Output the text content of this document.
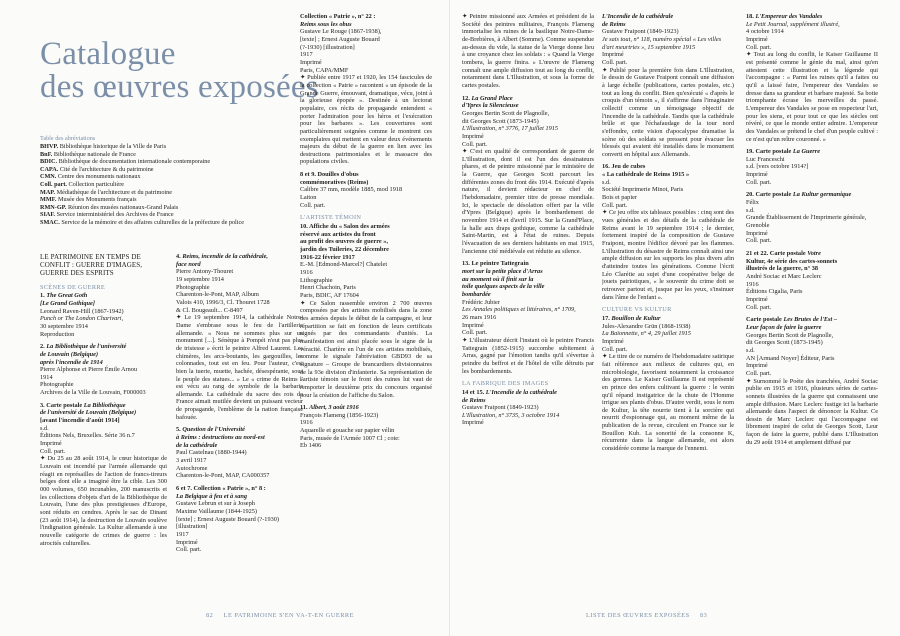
Catalogue
des œuvres exposées
Table des abréviations
BHVP. Bibliothèque historique de la Ville de Paris
BnF. Bibliothèque nationale de France
BDIC. Bibliothèque de documentation internationale contemporaine
CAPA. Cité de l'architecture & du patrimoine
CMN. Centre des monuments nationaux
Coll. part. Collection particulière
MAP. Médiathèque de l'architecture et du patrimoine
MMF. Musée des Monuments français
RMN-GP. Réunion des musées nationaux-Grand Palais
SIAF. Service interministériel des Archives de France
SMAC. Service de la mémoire et des affaires culturelles de la préfecture de police
LE PATRIMOINE EN TEMPS DE
CONFLIT : GUERRE D'IMAGES,
GUERRE DES ESPRITS
SCÈNES DE GUERRE
1. The Great Goth
[Le Grand Gothique]
Leonard Raven-Hill (1867-1942)
Punch or The London Charivari,
30 septembre 1914
Reproduction
2. La Bibliothèque de l'université
de Louvain (Belgique)
après l'incendie de 1914
Pierre Alphonse et Pierre Émile Arnou
1914
Photographie
Archives de la Ville de Louvain, F000003
3. Carte postale La Bibliothèque
de l'université de Louvain (Belgique)
[avant l'incendie d'août 1914]
s.d.
Éditions Nels, Bruxelles. Série 36 n.7
Imprimé
Coll. part.
✦ Du 25 au 28 août 1914, le cœur historique de Louvain est incendié par l'armée allemande qui réagit en représailles de l'action de francs-tireurs belges dont elle a imaginé être la cible. Les 300 000 volumes, 650 incunables, 200 manuscrits et les collections d'objets d'art de la Bibliothèque de Louvain, l'une des plus prestigieuses d'Europe, sont réduits en cendres. Après le sac de Dinant (23 août 1914), la destruction de Louvain soulève l'indignation générale. La Kultur allemande à une nouvelle catégorie de crimes de guerre : les atrocités culturelles.
4. Reims, incendie de la cathédrale,
face nord
Pierre Antony-Thouret
19 septembre 1914
Photographie
Charenton-le-Pont, MAP, Album
Valois 410, 1996/3, Cl. Thouret 1728
& Cl. Bougeault... C-8497
✦ Le 19 septembre 1914, la cathédrale Notre-Dame s'embrase sous le feu de l'artillerie allemande. « Nous ne sommes plus sur un monument [...]. Sénèque à Pompéi n'eut pas plus de tristesse » écrit le peintre Alfred Laurent. Les chimères, les arcs-boutants, les gargouilles, les colonnades, tout est en feu. Pour l'auteur, c'est bien la tuerie, muette, hachée, désespérante, sous le peuple des statues... » Le « crime de Reims » est vécu au rang de symbole de la barbarie allemande. La cathédrale du sacre des rois de France aimait mutilée devient un puissant vecteur de propagande, l'emblème de la nation française bafouée.
5. Question de l'Université
à Reims : destructions au nord-est
de la cathédrale
Paul Castelnau (1880-1944)
3 avril 1917
Autochrome
Charenton-le-Pont, MAP, CA000357
6 et 7. Collection « Patrie », n° 8 :
La Belgique à feu et à sang
Gustave Lebrun et sur à Joseph
Maxime Vaillaume (1844-1925)
[texte] ; Ernest Auguste Bouard (?-1930)
[illustration]
1917
Imprimé
Coll. part.
Collection « Patrie », n° 22 :
Reims sous les obus
Gustave Le Rouge (1867-1938),
[texte] ; Ernest Auguste Bouard
(?-1930) [illustration]
1917
Imprimé
Paris, CAPA/MMF
✦ Publiée entre 1917 et 1920, les 154 fascicules de la collection « Patrie » racontent « un épisode de la Grande Guerre, émouvant, dramatique, vécu, joint à la glorieuse épopée ». Destinée à un lectorat populaire, ces récits de propagande entendent « porter l'admiration pour les héros et l'exécration pour les barbares ». Les couvertures sont particulièrement soignées comme le montrent ces exemplaires qui mettent en valeur deux événements majeurs du début de la guerre en lien avec les destructions patrimoniales et le massacre des populations civiles.
8 et 9. Douilles d'obus
commémoratives (Reims)
Calibre 37 mm, modèle 1885, mod 1918
Laiton
Coll. part.
L'ARTISTE TÉMOIN
10. Affiche du « Salon des armées
réservé aux artistes du front
au profit des œuvres de guerre »,
jardin des Tuileries, 22 décembre
1916-22 février 1917
E.-M. [Edmond-Marcel?] Chatelet
1916
Lithographie
Henri Chachoin, Paris
Paris, BDIC, AF 17604
✦ Ce Salon rassemble environ 2 700 œuvres composées par des artistes mobilisés dans la zone des armées depuis le début de la campagne, et leur répartition se fait en fonction de leurs certificats signés par des commandants d'unités. La manifestation est ainsi placée sous le signe de la véracité. Chartère en l'un de ces artistes mobilisés, comme le signale l'abréviation GBD93 de sa signature – Groupe de brancardiers divisionnaires de la 93e division d'infanterie. Sa représentation de l'artiste témoin sur le front des ruines lui vaut de remporter le deuxième prix du concours organisé pour la création de l'affiche du Salon.
11. Albert, 3 août 1916
François Flameng (1856-1923)
1916
Aquarelle et gouache sur papier vélin
Paris, musée de l'Armée 1007 Cl ; cote:
Eb 1406
82 LE PATRIMOINE S'EN VA-T-EN GUERRE
✦ Peintre missionné aux Armées et président de la Société des peintres militaires, François Flameng immortalise les ruines de la basilique Notre-Dame-de-Brebières, à Albert (Somme). Comme suspendue au-dessus du vide, la statue de la Vierge donne lieu à une croyance chez les soldats : « Quand la Vierge tombera, la guerre finira. » L'œuvre de Flameng connaît une ample diffusion tout au long du conflit, notamment dans L'Illustration, et sous la forme de cartes postales.
12. La Grand Place
d'Ypres la Silencieuse
Georges Bertin Scott de Plagnolle,
dit Georges Scott (1873-1945)
L'Illustration, n° 3776, 17 juillet 1915
Imprimé
Coll. part.
✦ C'est en qualité de correspondant de guerre de L'Illustration, dont il est l'un des dessinateurs phares, et de peintre missionné par le ministère de la Guerre, que Georges Scott parcourt les différentes zones du front dès 1914. Exécuté d'après nature, il devient rédacteur en chef de l'hebdomadaire, premier titre de presse mondiale. Ici, le spectacle de désolation offert par la ville d'Ypres (Belgique) après le bombardement de novembre 1914 et d'avril 1915. Sur la Grand'Place, la halle aux draps gothique, comme la cathédrale Saint-Martin, est à l'état de ruines. Depuis l'évacuation de ses derniers habitants en mai 1915, l'ancienne cité médiévale est réduite au silence.
13. Le peintre Tattegrain
mort sur la petite place d'Arras
au moment où il finit sur la
toile quelques aspects de la ville
bombardée
Frédéric Jubier
Les Annales politiques et littéraires, n° 1709,
26 mars 1916
Imprimé
Coll. part.
✦ L'illustrateur décrit l'instant où le peintre Francis Tattegrain (1852-1915) succombe subitement à Arras, gagné par l'émotion tandis qu'il s'évertue à peindre du beffroi et de l'hôtel de ville détruits par les bombardements.
LA FABRIQUE DES IMAGES
14 et 15. L'Incendie de la cathédrale
de Reims
Gustave Fraipont (1849-1923)
L'Illustration, n° 3735, 3 octobre 1914
Imprimé
L'Incendie de la cathédrale
de Reims
Gustave Fraipont (1849-1923)
Je sais tout, n° 118, numéro spécial « Les villes
d'art meurtries », 15 septembre 1915
Imprimé
Coll. part.
✦ Publié pour la première fois dans L'Illustration, le dessin de Gustave Fraipont connaît une diffusion à large échelle (publications, cartes postales, etc.) tout au long du conflit. Bien qu'exécuté « d'après le croquis d'un témoin », il s'affirme dans l'imaginaire collectif comme un témoignage objectif de l'incendie de la cathédrale. Tandis que la cathédrale brûle et que l'échafaudage de la tour nord s'effondre, cette vision d'apocalypse dramatise la scène où des soldats se pressent pour évacuer les blessés qui avaient été installés dans le monument converti en hôpital aux Allemands.
16. Jeu de cubes
« La cathédrale de Reims 1915 »
s.d.
Société Imprimerie Minot, Paris
Bois et papier
Coll. part.
✦ Ce jeu offre six tableaux possibles : cinq sont des vues générales et des détails de la cathédrale de Reims avant le 19 septembre 1914 ; le dernier, fortement inspiré de la composition de Gustave Fraipont, montre l'édifice dévoré par les flammes. L'illustration du désastre de Reims connaît ainsi une ample diffusion sur les supports les plus divers afin d'atteindre toutes les générations. Comme l'écrit Léo Clarétie au sujet d'une coopérative belge de jouets patriotiques, « le souvenir du crime doit se retrouver partout et, jusque par les yeux, s'insinuer dans l'âme de l'enfant ».
CULTURE VS KULTUR
17. Bouillon de Kultur
Jules-Alexandre Grün (1868-1938)
La Baïonnette, n° 4, 29 juillet 1915
Imprimé
Coll. part.
✦ Le titre de ce numéro de l'hebdomadaire satirique fait référence aux milieux de cultures qui, en microbiologie, favorisent notamment la croissance des germes. Le Kaiser Guillaume II est représenté en prince des enfers cultivant la guerre : le venin qu'il répand instigatrice de la chute de l'Homme irrigue ses plants d'obus. D'autre verdit, sous le nom de Kultur, la tête nourrie tient à la sorcière qui nourrit d'espionnage qui, au moment même de la publication de la revue, circulent en France sur le Bouillon Kub. La sonorité de la consonne K, récurrente dans la langue allemande, est alors considérée comme la marque de l'ennemi.
18. L'Empereur des Vandales
Le Petit Journal, supplément illustré,
4 octobre 1914
Imprimé
Coll. part.
✦ Tout au long du conflit, le Kaiser Guillaume II est présenté comme le génie du mal, ainsi qu'en attestent cette illustration et la légende qui l'accompagne : « Parmi les ruines qu'il a faites ou qu'il a laissé faire, l'empereur des Vandales se dresse dans sa grandeur et barbare majesté. Sa botte triomphante écrase les merveilles du passé. L'empereur des Vandales se pose en respecteur l'art, pour les siens, et pour tout ce que les siècles ont révéré, ce que le monde entier admire. L'empereur des Vandales se prétend le chef d'un peuple cultivé : ce n'est qu'un reître couronné. »
19. Carte postale La Guerre
Luc Franceschi
s.d. [vers octobre 1914?]
Imprimé
Coll. part.
20. Carte postale La Kultur germanique
Félix
s.d.
Grande Établissement de l'Imprimerie générale, Grenoble
Imprimé
Coll. part.
21 et 22. Carte postale Votre
Kultur, 4e série des cartes-sonnets
illustrés de la guerre, n° 38
André Sociac et Marc Leclerc
1916
Éditions Cigalia, Paris
Imprimé
Coll. part.
Carte postale Les Brutes de l'Est –
Leur façon de faire la guerre
Georges Bertin Scott de Plagnolle,
dit Georges Scott (1873-1945)
s.d.
AN [Armand Noyer] Éditeur, Paris
Imprimé
Coll. part.
✦ Surnommé le Poète des tranchées, André Sociac publie en 1915 et 1916, plusieurs séries de cartes-sonnets illustrées de la guerre qui connaissent une ample diffusion. Marc Leclerc fustige ici la barbarie allemande dans l'aspect de dénoncer la Kultur. Ce dessin de Marc Leclerc qui l'accompagne est librement inspiré de celui de Georges Scott, Leur façon de faire la guerre, publié dans L'Illustration du 29 août 1914 et amplement diffusé par
LISTE DES ŒUVRES EXPOSÉES 83
